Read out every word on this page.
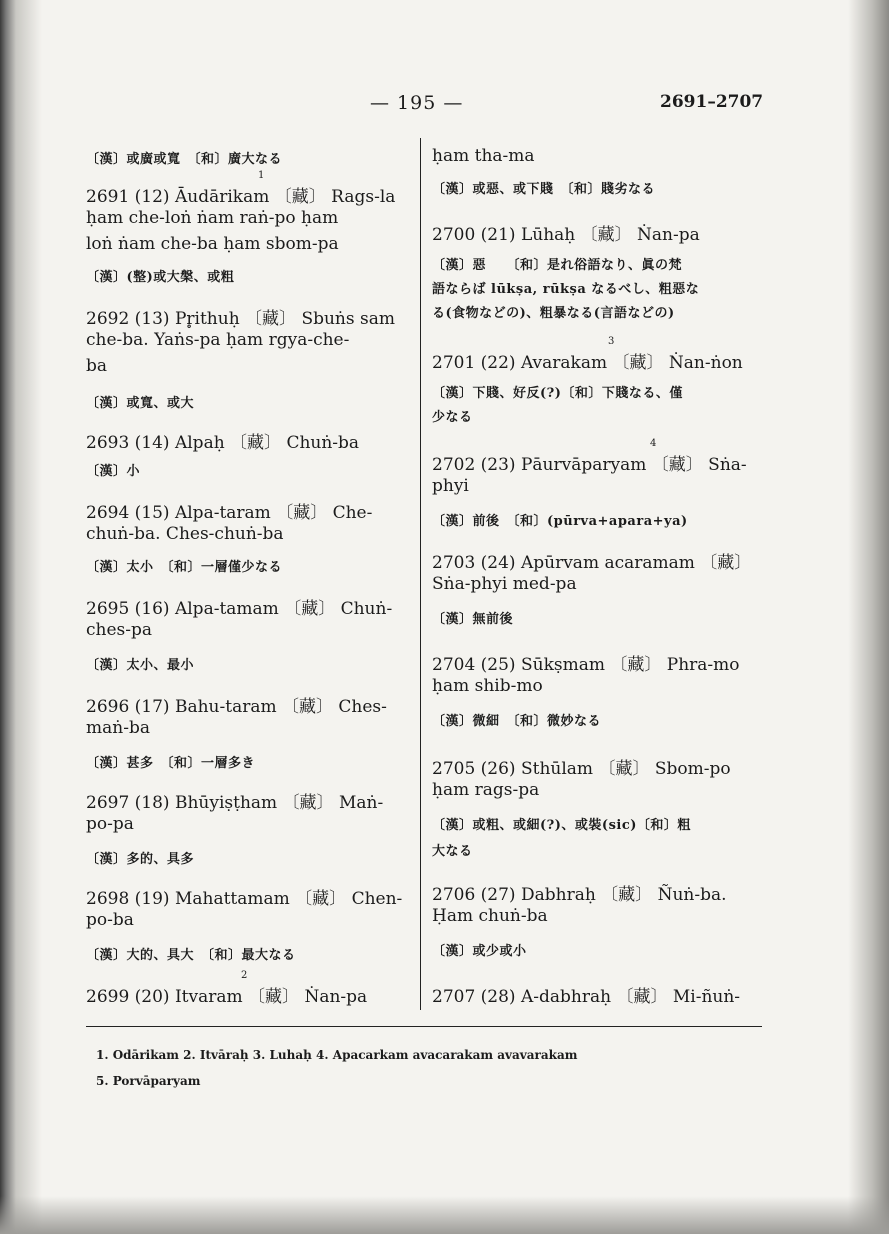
— 195 —	2691–2707
〔漢〕或廣或寬　〔和〕廣大なる
1
2691 (12) Āudārikam 〔藏〕 Rags-la
ḥam che-loṅ ṅam raṅ-po ḥam
loṅ ṅam che-ba ḥam sbom-pa
〔漢〕(整)或大槃、或粗
2692 (13) Pr̥ithuḥ 〔藏〕 Sbuṅs sam
che-ba. Yaṅs-pa ḥam rgya-che-
ba
〔漢〕或寬、或大
2693 (14) Alpaḥ 〔藏〕 Chuṅ-ba
〔漢〕小
2694 (15) Alpa-taram 〔藏〕 Che-
chuṅ-ba. Ches-chuṅ-ba
〔漢〕太小　〔和〕一層僅少なる
2695 (16) Alpa-tamam 〔藏〕 Chuṅ-
ches-pa
〔漢〕太小、最小
2696 (17) Bahu-taram 〔藏〕 Ches-
maṅ-ba
〔漢〕甚多　〔和〕一層多き
2697 (18) Bhūyiṣṭham 〔藏〕 Maṅ-
po-pa
〔漢〕多的、具多
2698 (19) Mahattamam 〔藏〕 Chen-
po-ba
〔漢〕大的、具大　〔和〕最大なる
2
2699 (20) Itvaram 〔藏〕 Ṅan-pa
ḥam tha-ma
〔漢〕或惡、或下賤　〔和〕賤劣なる
2700 (21) Lūhaḥ 〔藏〕 Ṅan-pa
〔漢〕惡　　〔和〕是れ俗語なり、眞の梵
語ならば lūkṣa, rūkṣa なるべし、粗惡な
る(食物などの)、粗暴なる(言語などの)
3
2701 (22) Avarakam 〔藏〕 Ṅan-ṅon
〔漢〕下賤、好反(?)〔和〕下賤なる、僅
少なる
4
2702 (23) Pāurvāparyam 〔藏〕 Sṅa-
phyi
〔漢〕前後　〔和〕(pūrva+apara+ya)
2703 (24) Apūrvam acaramam 〔藏〕
Sṅa-phyi med-pa
〔漢〕無前後
2704 (25) Sūkṣmam 〔藏〕 Phra-mo
ḥam shib-mo
〔漢〕微細　〔和〕微妙なる
2705 (26) Sthūlam 〔藏〕 Sbom-po
ḥam rags-pa
〔漢〕或粗、或細(?)、或裝(sic)〔和〕粗
大なる
2706 (27) Dabhraḥ 〔藏〕 Ñuṅ-ba.
Ḥam chuṅ-ba
〔漢〕或少或小
2707 (28) A-dabhraḥ 〔藏〕 Mi-ñuṅ-
1. Odārikam 2. Itvāraḥ 3. Luhaḥ 4. Apacarkam avacarakam avavarakam
5. Porvāparyam
